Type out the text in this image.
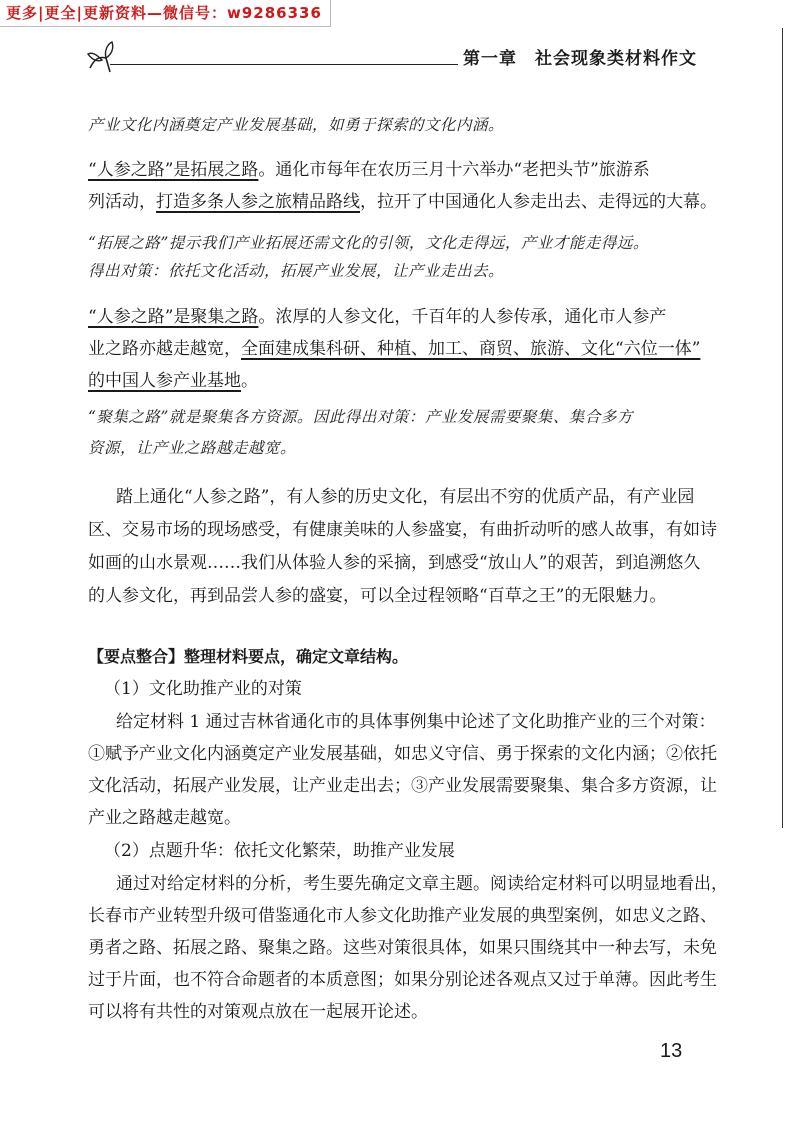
更多|更全|更新资料—微信号：w9286336
第一章 社会现象类材料作文

产业文化内涵奠定产业发展基础，如勇于探索的文化内涵。

“人参之路”是拓展之路。通化市每年在农历三月十六举办“老把头节”旅游系

列活动，打造多条人参之旅精品路线，拉开了中国通化人参走出去、走得远的大幕。

“拓展之路”提示我们产业拓展还需文化的引领，文化走得远，产业才能走得远。

得出对策：依托文化活动，拓展产业发展，让产业走出去。

“人参之路”是聚集之路。浓厚的人参文化，千百年的人参传承，通化市人参产

业之路亦越走越宽，全面建成集科研、种植、加工、商贸、旅游、文化“六位一体”

的中国人参产业基地。

“聚集之路”就是聚集各方资源。因此得出对策：产业发展需要聚集、集合多方

资源，让产业之路越走越宽。

踏上通化“人参之路”，有人参的历史文化，有层出不穷的优质产品，有产业园

区、交易市场的现场感受，有健康美味的人参盛宴，有曲折动听的感人故事，有如诗

如画的山水景观……我们从体验人参的采摘，到感受“放山人”的艰苦，到追溯悠久

的人参文化，再到品尝人参的盛宴，可以全过程领略“百草之王”的无限魅力。

【要点整合】整理材料要点，确定文章结构。

（1）文化助推产业的对策

给定材料 1 通过吉林省通化市的具体事例集中论述了文化助推产业的三个对策：

①赋予产业文化内涵奠定产业发展基础，如忠义守信、勇于探索的文化内涵；②依托

文化活动，拓展产业发展，让产业走出去；③产业发展需要聚集、集合多方资源，让

产业之路越走越宽。

（2）点题升华：依托文化繁荣，助推产业发展

通过对给定材料的分析，考生要先确定文章主题。阅读给定材料可以明显地看出，

长春市产业转型升级可借鉴通化市人参文化助推产业发展的典型案例，如忠义之路、

勇者之路、拓展之路、聚集之路。这些对策很具体，如果只围绕其中一种去写，未免

过于片面，也不符合命题者的本质意图；如果分别论述各观点又过于单薄。因此考生

可以将有共性的对策观点放在一起展开论述。

13
